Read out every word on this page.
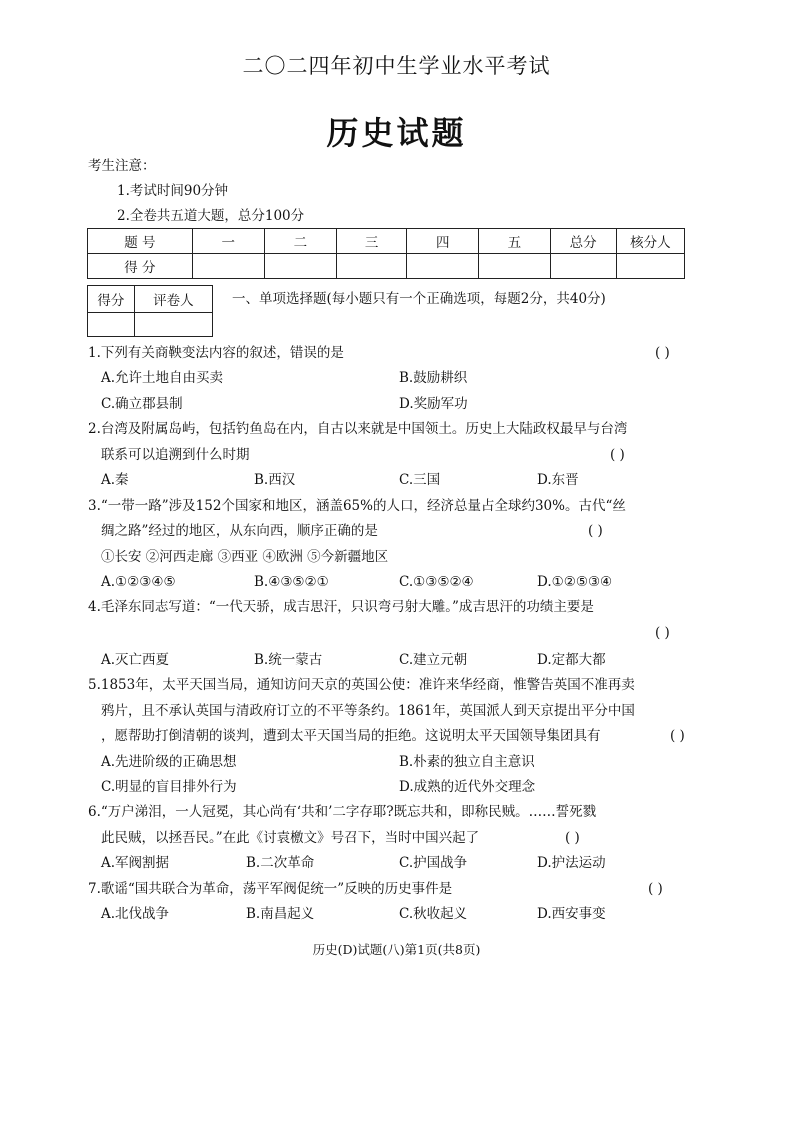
二〇二四年初中生学业水平考试
历史试题
考生注意：
1.考试时间90分钟
2.全卷共五道大题，总分100分
题 号	一	二	三	四	五	总分	核分人
得 分							
得分	评卷人
		一、单项选择题(每小题只有一个正确选项，每题2分，共40分)
1.下列有关商鞅变法内容的叙述，错误的是	( )
A.允许土地自由买卖	B.鼓励耕织
C.确立郡县制	D.奖励军功
2.台湾及附属岛屿，包括钓鱼岛在内，自古以来就是中国领土。历史上大陆政权最早与台湾
联系可以追溯到什么时期	( )
A.秦	B.西汉	C.三国	D.东晋
3.“一带一路”涉及152个国家和地区，涵盖65%的人口，经济总量占全球约30%。古代“丝
绸之路”经过的地区，从东向西，顺序正确的是	( )
①长安 ②河西走廊 ③西亚 ④欧洲 ⑤今新疆地区
A.①②③④⑤	B.④③⑤②①	C.①③⑤②④	D.①②⑤③④
4.毛泽东同志写道：“一代天骄，成吉思汗，只识弯弓射大雕。”成吉思汗的功绩主要是
( )
A.灭亡西夏	B.统一蒙古	C.建立元朝	D.定都大都
5.1853年，太平天国当局，通知访问天京的英国公使：准许来华经商，惟警告英国不准再卖
鸦片，且不承认英国与清政府订立的不平等条约。1861年，英国派人到天京提出平分中国
，愿帮助打倒清朝的谈判，遭到太平天国当局的拒绝。这说明太平天国领导集团具有	( )
A.先进阶级的正确思想	B.朴素的独立自主意识
C.明显的盲目排外行为	D.成熟的近代外交理念
6.“万户涕泪，一人冠冕，其心尚有‘共和’二字存耶?既忘共和，即称民贼。……誓死戮
此民贼，以拯吾民。”在此《讨袁檄文》号召下，当时中国兴起了	( )
A.军阀割据	B.二次革命	C.护国战争	D.护法运动
7.歌谣“国共联合为革命，荡平军阀促统一”反映的历史事件是	( )
A.北伐战争	B.南昌起义	C.秋收起义	D.西安事变
历史(D)试题(八)第1页(共8页)
